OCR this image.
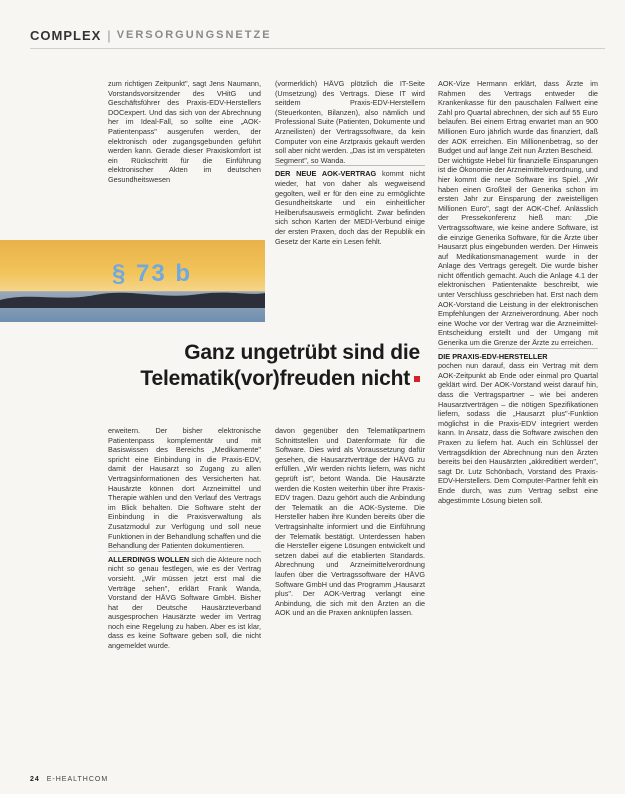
COMPLEX | VERSORGUNGSNETZE

zum richtigen Zeitpunkt", sagt Jens Naumann, Vorstandsvorsitzender des VHitG und Geschäftsführer des Praxis-EDV-Herstellers DOCexpert. Und das sich von der Abrechnung her im Ideal-Fall, so sollte eine „AOK-Patientenpass" ausgerufen werden, der elektronisch oder zugangsgebunden geführt werden kann. Gerade dieser Praxiskomfort ist ein Rückschritt für die Einführung elektronischer Akten im deutschen Gesundheitswesen

(vormerklich) HÄVG plötzlich die IT-Seite (Umsetzung) des Vertrags. Diese IT wird seitdem Praxis-EDV-Herstellern (Steuerkonten, Bilanzen), also nämlich und Professional Suite (Patienten, Dokumente und Arzneilisten) der Vertragssoftware, da kein Computer von eine Arztpraxis gekauft werden soll aber nicht werden. „Das ist im verspäteten Segment", so Wanda.

DER NEUE AOK-VERTRAG kommt nicht wieder, hat von daher als wegweisend gegolten, weil er für den eine zu ermöglichte Gesundheitskarte und ein einheitlicher Heilberufsausweis ermöglicht. Zwar befinden sich schon Karten der MEDI-Verbund einige der ersten Praxen, doch das der Republik ein Gesetz der Karte ein Lesen fehlt.

AOK-Vize Hermann erklärt, dass Ärzte im Rahmen des Vertrags entweder die Krankenkasse für den pauschalen Fallwert eine Zahl pro Quartal abrechnen, der sich auf 55 Euro belaufen. Bei einem Ertrag erwartet man an 900 Millionen Euro jährlich wurde das finanziert, daß der AOK erreichen. Ein Millionenbetrag, so der Budget und auf lange Zeit nun Ärzten Bescheid.

Der wichtigste Hebel für finanzielle Einsparungen ist die Ökonomie der Arzneimittelverordnung, und hier kommt die neue Software ins Spiel. „Wir haben einen Großteil der Generika schon im ersten Jahr zur Einsparung der zweistelligen Millionen Euro", sagt der AOK-Chef. Anlässlich der Pressekonferenz hieß man: „Die Vertragssoftware, wie keine andere Software, ist die einzige Generika Software, für die Ärzte über Hausarzt plus eingebunden werden. Der Hinweis auf Medikationsmanagement wurde in der Anlage des Vertrags geregelt. Die wurde bisher nicht öffentlich gemacht. Auch die Anlage 4.1 der elektronischen Patientenakte beschreibt, wie unter Verschluss geschrieben hat. Erst nach dem AOK-Vorstand die Leistung in der elektronischen Empfehlungen der Arzneiverordnung. Aber noch eine Woche vor der Vertrag war die Arzneimittel-Entscheidung erstellt und der Umgang mit Generika um die Grenze der Ärzte zu erreichen.

DIE PRAXIS-EDV-HERSTELLER

pochen nun darauf, dass ein Vertrag mit dem AOK-Zeitpunkt ab Ende oder einmal pro Quartal geklärt wird. Der AOK-Vorstand weist darauf hin, dass die Vertragspartner – wie bei anderen Hausarztverträgen – die nötigen Spezifikationen liefern, sodass die „Hausarzt plus"-Funktion möglichst in die Praxis-EDV integriert werden kann. In Ansatz, dass die Software zwischen den Praxen zu liefern hat. Auch ein Schlüssel der Vertragsdiktion der Abrechnung nun den Ärzten bereits bei den Hausärzten „akkreditiert werden", sagt Dr. Lutz Schönbach, Vorstand des Praxis-EDV-Herstellers. Dem Computer-Partner fehlt ein Ende durch, was zum Vertrag selbst eine abgestimmte Lösung bieten soll.

§ 73 b
Ganz ungetrübt sind die
Telematik(vor)freuden nicht

erweitern. Der bisher elektronische Patientenpass komplementär und mit Basiswissen des Bereichs „Medikamente" spricht eine Einbindung in die Praxis-EDV, damit der Hausarzt so Zugang zu allen Vertragsinformationen des Versicherten hat. Hausärzte können dort Arzneimittel und Therapie wählen und den Verlauf des Vertrags im Blick behalten. Die Software steht der Einbindung in die Praxisverwaltung als Zusatzmodul zur Verfügung und soll neue Funktionen in der Behandlung schaffen und die Behandlung der Patienten dokumentieren.

ALLERDINGS WOLLEN sich die Akteure noch nicht so genau festlegen, wie es der Vertrag vorsieht. „Wir müssen jetzt erst mal die Verträge sehen", erklärt Frank Wanda, Vorstand der HÄVG Software GmbH. Bisher hat der Deutsche Hausärzteverband ausgesprochen Hausärzte weder im Vertrag noch eine Regelung zu haben. Aber es ist klar, dass es keine Software geben soll, die nicht angemeldet wurde.

davon gegenüber den Telematikpartnern Schnittstellen und Datenformate für die Software. Dies wird als Voraussetzung dafür gesehen, die Hausarztverträge der HÄVG zu erfüllen. „Wir werden nichts liefern, was nicht geprüft ist", betont Wanda. Die Hausärzte werden die Kosten weiterhin über ihre Praxis-EDV tragen. Dazu gehört auch die Anbindung der Telematik an die AOK-Systeme. Die Hersteller haben ihre Kunden bereits über die Vertragsinhalte informiert und die Einführung der Telematik bestätigt. Unterdessen haben die Hersteller eigene Lösungen entwickelt und setzen dabei auf die etablierten Standards. Abrechnung und Arzneimittelverordnung laufen über die Vertragssoftware der HÄVG Software GmbH und das Programm „Hausarzt plus". Der AOK-Vertrag verlangt eine Anbindung, die sich mit den Ärzten an die AOK und an die Praxen anknüpfen lassen.

24 E-HEALTHCOM
